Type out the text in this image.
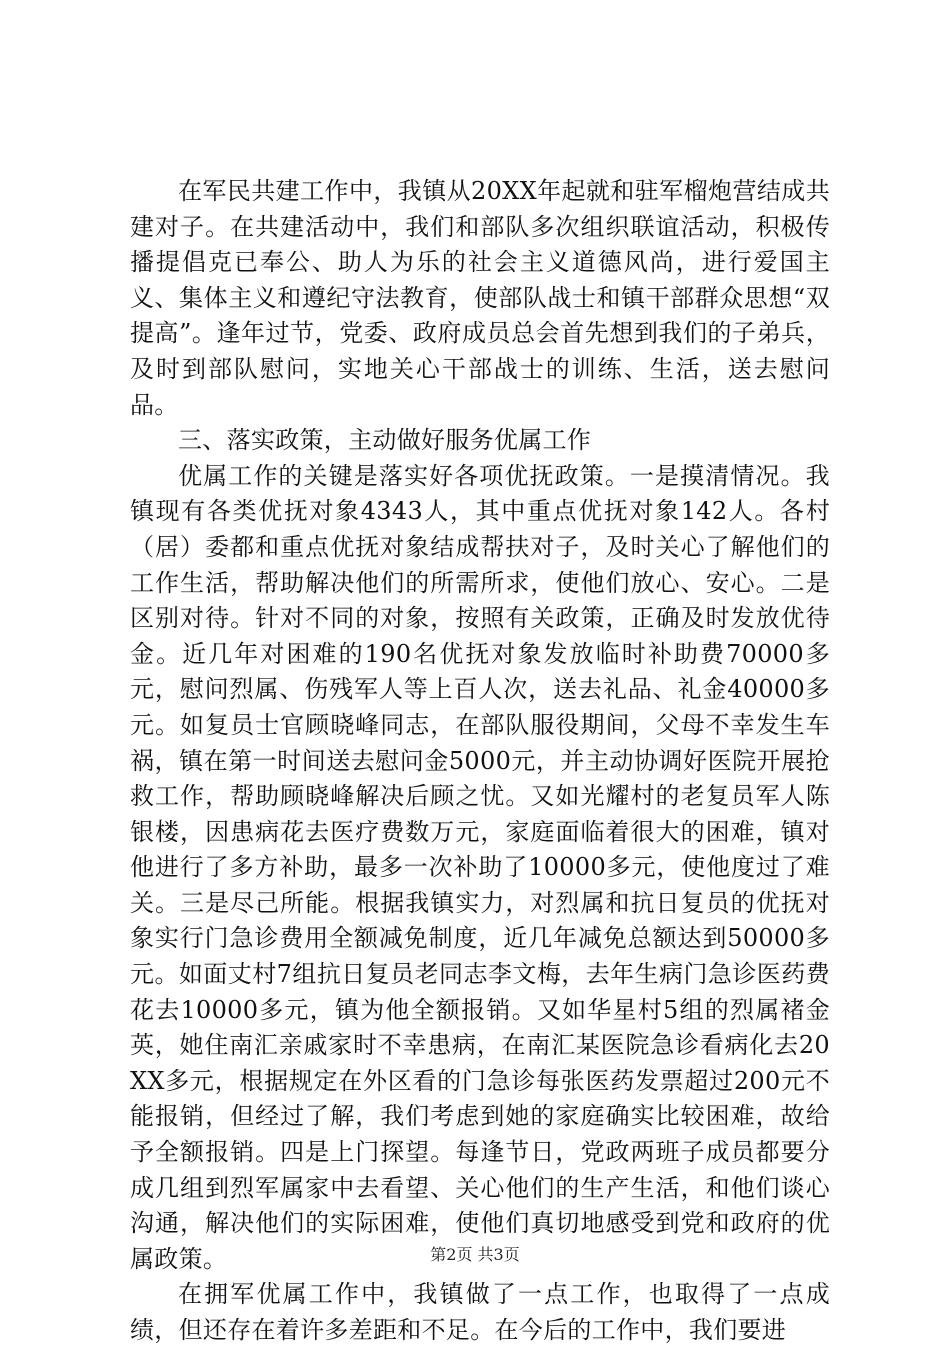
在军民共建工作中，我镇从20XX年起就和驻军榴炮营结成共建对子。在共建活动中，我们和部队多次组织联谊活动，积极传播提倡克已奉公、助人为乐的社会主义道德风尚，进行爱国主义、集体主义和遵纪守法教育，使部队战士和镇干部群众思想“双提高”。逢年过节，党委、政府成员总会首先想到我们的子弟兵，及时到部队慰问，实地关心干部战士的训练、生活，送去慰问品。

三、落实政策，主动做好服务优属工作

优属工作的关键是落实好各项优抚政策。一是摸清情况。我镇现有各类优抚对象4343人，其中重点优抚对象142人。各村（居）委都和重点优抚对象结成帮扶对子，及时关心了解他们的工作生活，帮助解决他们的所需所求，使他们放心、安心。二是区别对待。针对不同的对象，按照有关政策，正确及时发放优待金。近几年对困难的190名优抚对象发放临时补助费70000多元，慰问烈属、伤残军人等上百人次，送去礼品、礼金40000多元。如复员士官顾晓峰同志，在部队服役期间，父母不幸发生车祸，镇在第一时间送去慰问金5000元，并主动协调好医院开展抢救工作，帮助顾晓峰解决后顾之忧。又如光耀村的老复员军人陈银楼，因患病花去医疗费数万元，家庭面临着很大的困难，镇对他进行了多方补助，最多一次补助了10000多元，使他度过了难关。三是尽己所能。根据我镇实力，对烈属和抗日复员的优抚对象实行门急诊费用全额减免制度，近几年减免总额达到50000多元。如面丈村7组抗日复员老同志李文梅，去年生病门急诊医药费花去10000多元，镇为他全额报销。又如华星村5组的烈属褚金英，她住南汇亲戚家时不幸患病，在南汇某医院急诊看病化去20XX多元，根据规定在外区看的门急诊每张医药发票超过200元不能报销，但经过了解，我们考虑到她的家庭确实比较困难，故给予全额报销。四是上门探望。每逢节日，党政两班子成员都要分成几组到烈军属家中去看望、关心他们的生产生活，和他们谈心沟通，解决他们的实际困难，使他们真切地感受到党和政府的优属政策。

在拥军优属工作中，我镇做了一点工作，也取得了一点成绩，但还存在着许多差距和不足。在今后的工作中，我们要进

第2页 共3页
